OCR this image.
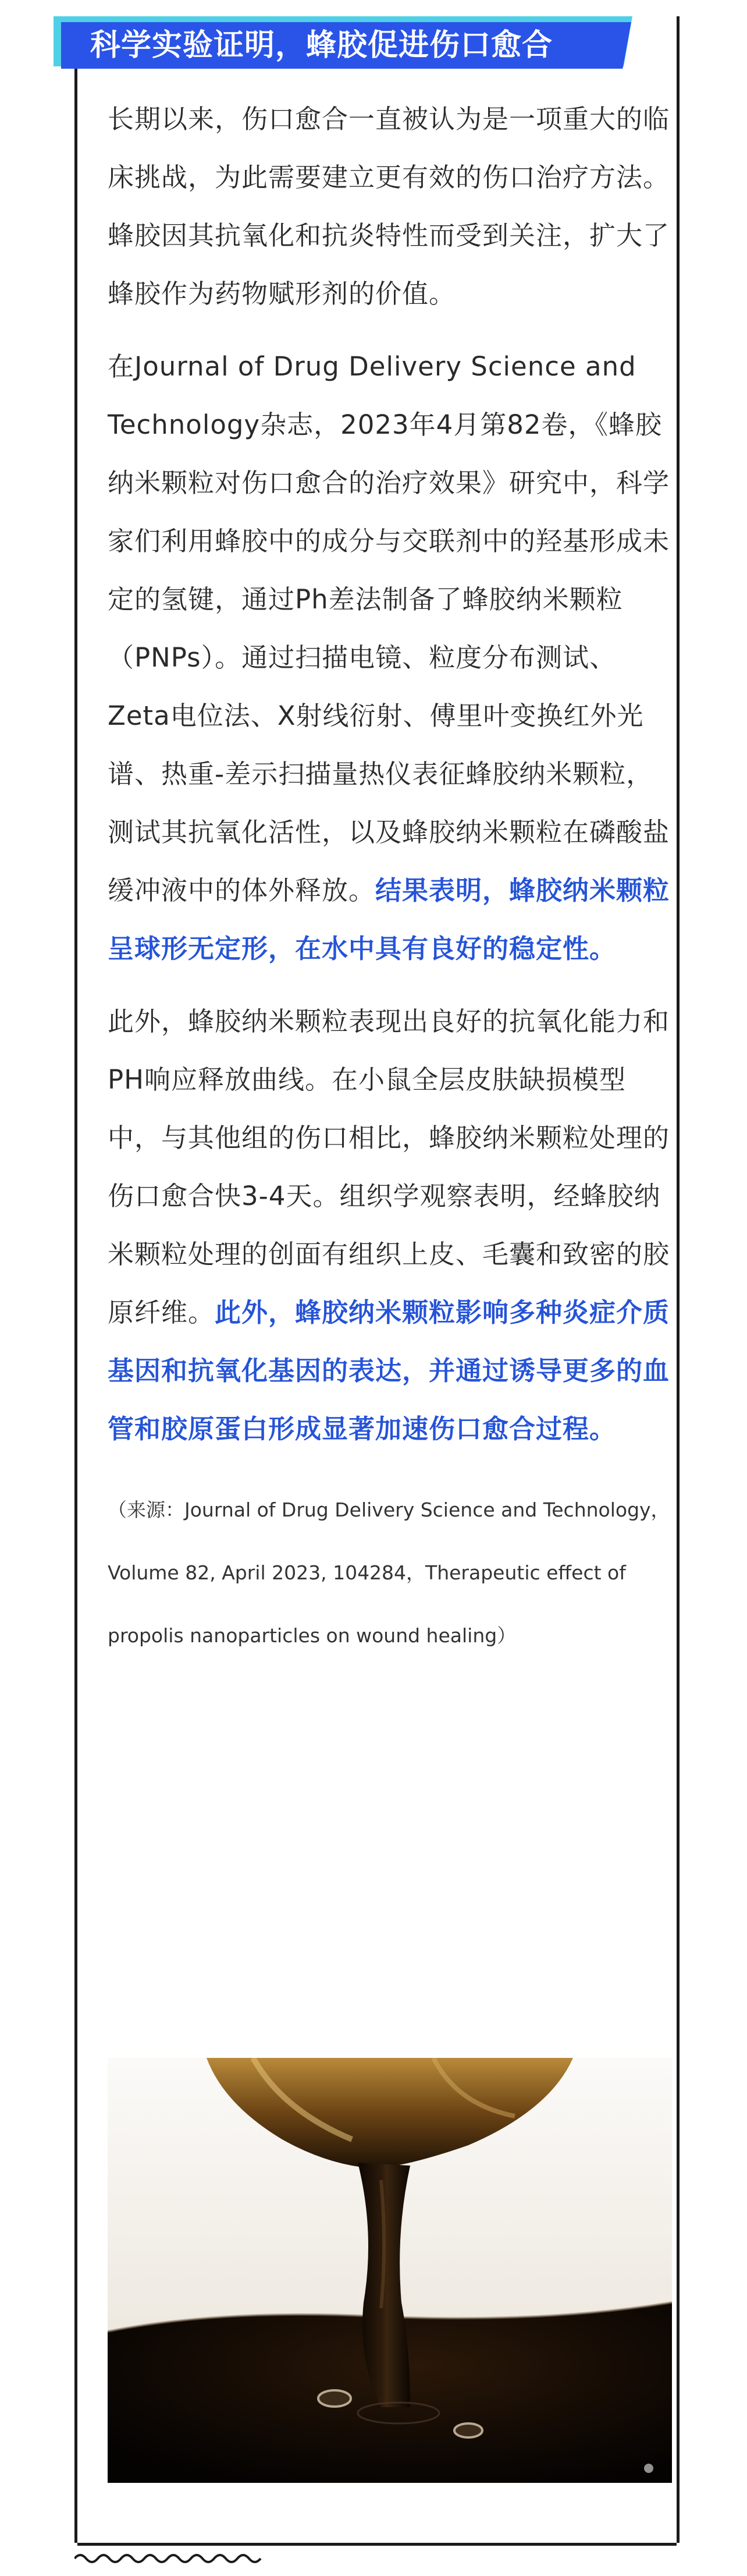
科学实验证明，蜂胶促进伤口愈合

长期以来，伤口愈合一直被认为是一项重大的临床挑战，为此需要建立更有效的伤口治疗方法。蜂胶因其抗氧化和抗炎特性而受到关注，扩大了蜂胶作为药物赋形剂的价值。

在Journal of Drug Delivery Science and Technology杂志，2023年4月第82卷，《蜂胶纳米颗粒对伤口愈合的治疗效果》研究中，科学家们利用蜂胶中的成分与交联剂中的羟基形成未定的氢键，通过Ph差法制备了蜂胶纳米颗粒（PNPs）。通过扫描电镜、粒度分布测试、Zeta电位法、X射线衍射、傅里叶变换红外光谱、热重-差示扫描量热仪表征蜂胶纳米颗粒，测试其抗氧化活性，以及蜂胶纳米颗粒在磷酸盐缓冲液中的体外释放。结果表明，蜂胶纳米颗粒呈球形无定形，在水中具有良好的稳定性。

此外，蜂胶纳米颗粒表现出良好的抗氧化能力和PH响应释放曲线。在小鼠全层皮肤缺损模型中，与其他组的伤口相比，蜂胶纳米颗粒处理的伤口愈合快3-4天。组织学观察表明，经蜂胶纳米颗粒处理的创面有组织上皮、毛囊和致密的胶原纤维。此外，蜂胶纳米颗粒影响多种炎症介质基因和抗氧化基因的表达，并通过诱导更多的血管和胶原蛋白形成显著加速伤口愈合过程。

（来源：Journal of Drug Delivery Science and Technology，Volume 82, April 2023, 104284，Therapeutic effect of propolis nanoparticles on wound healing）
